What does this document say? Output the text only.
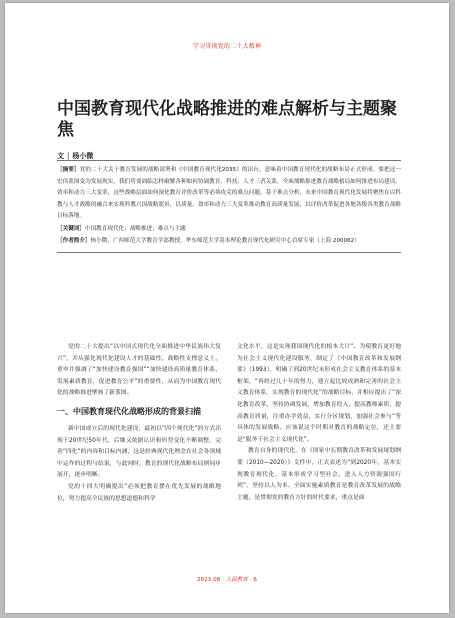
学习贯彻党的二十大精神
中国教育现代化战略推进的难点解析与主题聚焦
文 | 杨小微

［摘要］党的二十大关于教育发展的战略部署和《中国教育现代化2035》的出台，意味着中国教育现代化的战略布局正式形成。要把这一宏伟蓝图变为发展现实，我们将要面临怎样破解各种如何协调教育、科技、人才三者关系，全面战略推进教育战略格局如何推进布局建设、效率和动力三大变革，这些战略层面如何深化教育评价改革等必须攻克的难点问题。基于难点分析，未来中国教育现代化发展将聚焦在以科教与人才战略的融合来实现科教兴国战略愿景，以质量、效率和动力三大变革推动教育高质量发展，以评价改革促进各地各级各类教育战略目标落地。

［关键词］中国教育现代化；战略推进；难点与主题

［作者简介］杨小微，广西师范大学教育学部教授，华东师范大学基本理论教育现代化研究中心首席专家（上海 200062）

党的二十大提出“以中国式现代化全面推进中华民族伟大复兴”，并从强化现代化建设人才的基础性、战略性支撑意义上，重申并强调了“加快建设教育强国”“加快建设高质量教育体系，发展素质教育，促进教育公平”的重要性，从而为中国教育现代化的战略推进擘画了新蓝图。

一、中国教育现代化战略形成的背景扫描

新中国成立后的现代化建设，最初以“四个现代化”的方式出现于20世纪50年代，后继又依据认识和形势变化不断调整、完善“四化”的内容和目标内涵，这是经典现代化理念在社会各领域中运作的过程与结果，与此同时，教育的现代化战略布局则同步展开，逐步明晰。

党的十四大明确提出“必须把教育摆在优先发展的战略地位，努力提高全民族的思想道德和科学

文化水平，这是实现我国现代化的根本大计”。为使教育更好地为社会主义现代化建设服务，制定了《中国教育改革和发展纲要》（1993），明确了到20世纪末形成社会主义教育体系的基本框架，“再经过几十年的努力，建立起比较成熟和完善的社会主义教育体系，实现教育的现代化”的战略目标，并相应提出了“深化教育改革，坚持协调发展，增加教育投入，提高教师素质，提高教育质量，注重办学效益，实行分区规划，加强社会参与”等具体的发展战略。应该说这个时期对教育的战略定位，还主要是“服务于社会主义现代化”。

教育自身的现代化，在《国家中长期教育改革和发展规划纲要（2010—2020）》文件中，正式表述为“到2020年，基本实现教育现代化，基本形成学习型社会，进入人力资源强国行列”，坚持以人为本、全面实施素质教育是教育改革发展的战略主题，是贯彻党的教育方针的时代要求，重点是面

2023.08 · 人民教育 · 6
